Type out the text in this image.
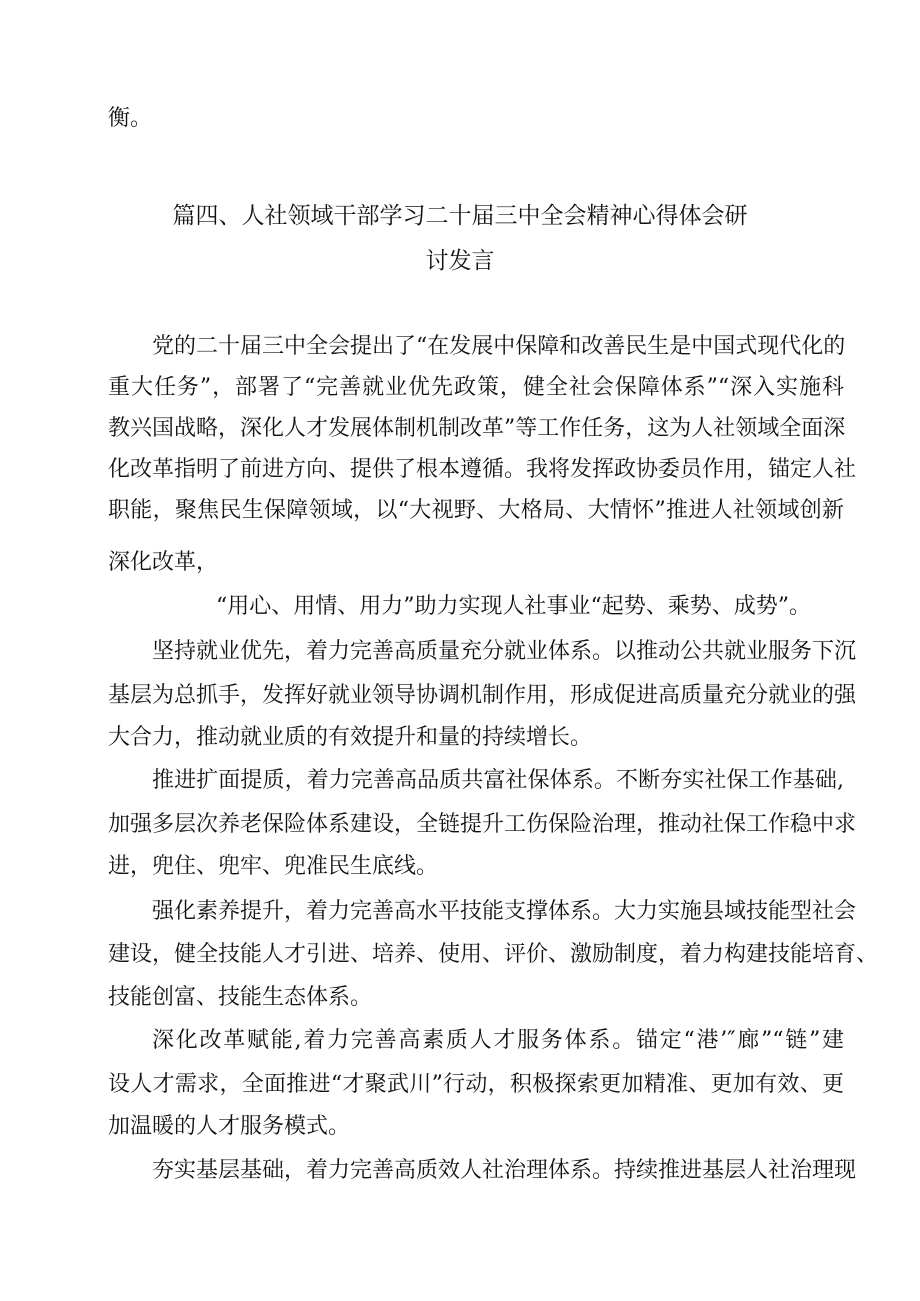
衡。
篇四、人社领域干部学习二十届三中全会精神心得体会研
讨发言
党的二十届三中全会提出了“在发展中保障和改善民生是中国式现代化的
重大任务”，部署了“完善就业优先政策，健全社会保障体系”“深入实施科
教兴国战略，深化人才发展体制机制改革”等工作任务，这为人社领域全面深
化改革指明了前进方向、提供了根本遵循。我将发挥政协委员作用，锚定人社
职能，聚焦民生保障领域，以“大视野、大格局、大情怀”推进人社领域创新
深化改革，
“用心、用情、用力”助力实现人社事业“起势、乘势、成势”。
坚持就业优先，着力完善高质量充分就业体系。以推动公共就业服务下沉
基层为总抓手，发挥好就业领导协调机制作用，形成促进高质量充分就业的强
大合力，推动就业质的有效提升和量的持续增长。
推进扩面提质，着力完善高品质共富社保体系。不断夯实社保工作基础,
加强多层次养老保险体系建设，全链提升工伤保险治理，推动社保工作稳中求
进，兜住、兜牢、兜准民生底线。
强化素养提升，着力完善高水平技能支撑体系。大力实施县域技能型社会
建设，健全技能人才引进、培养、使用、评价、激励制度，着力构建技能培育、
技能创富、技能生态体系。
深化改革赋能,着力完善高素质人才服务体系。锚定“港’″廊”“链”建
设人才需求，全面推进“才聚武川”行动，积极探索更加精准、更加有效、更
加温暖的人才服务模式。
夯实基层基础，着力完善高质效人社治理体系。持续推进基层人社治理现
